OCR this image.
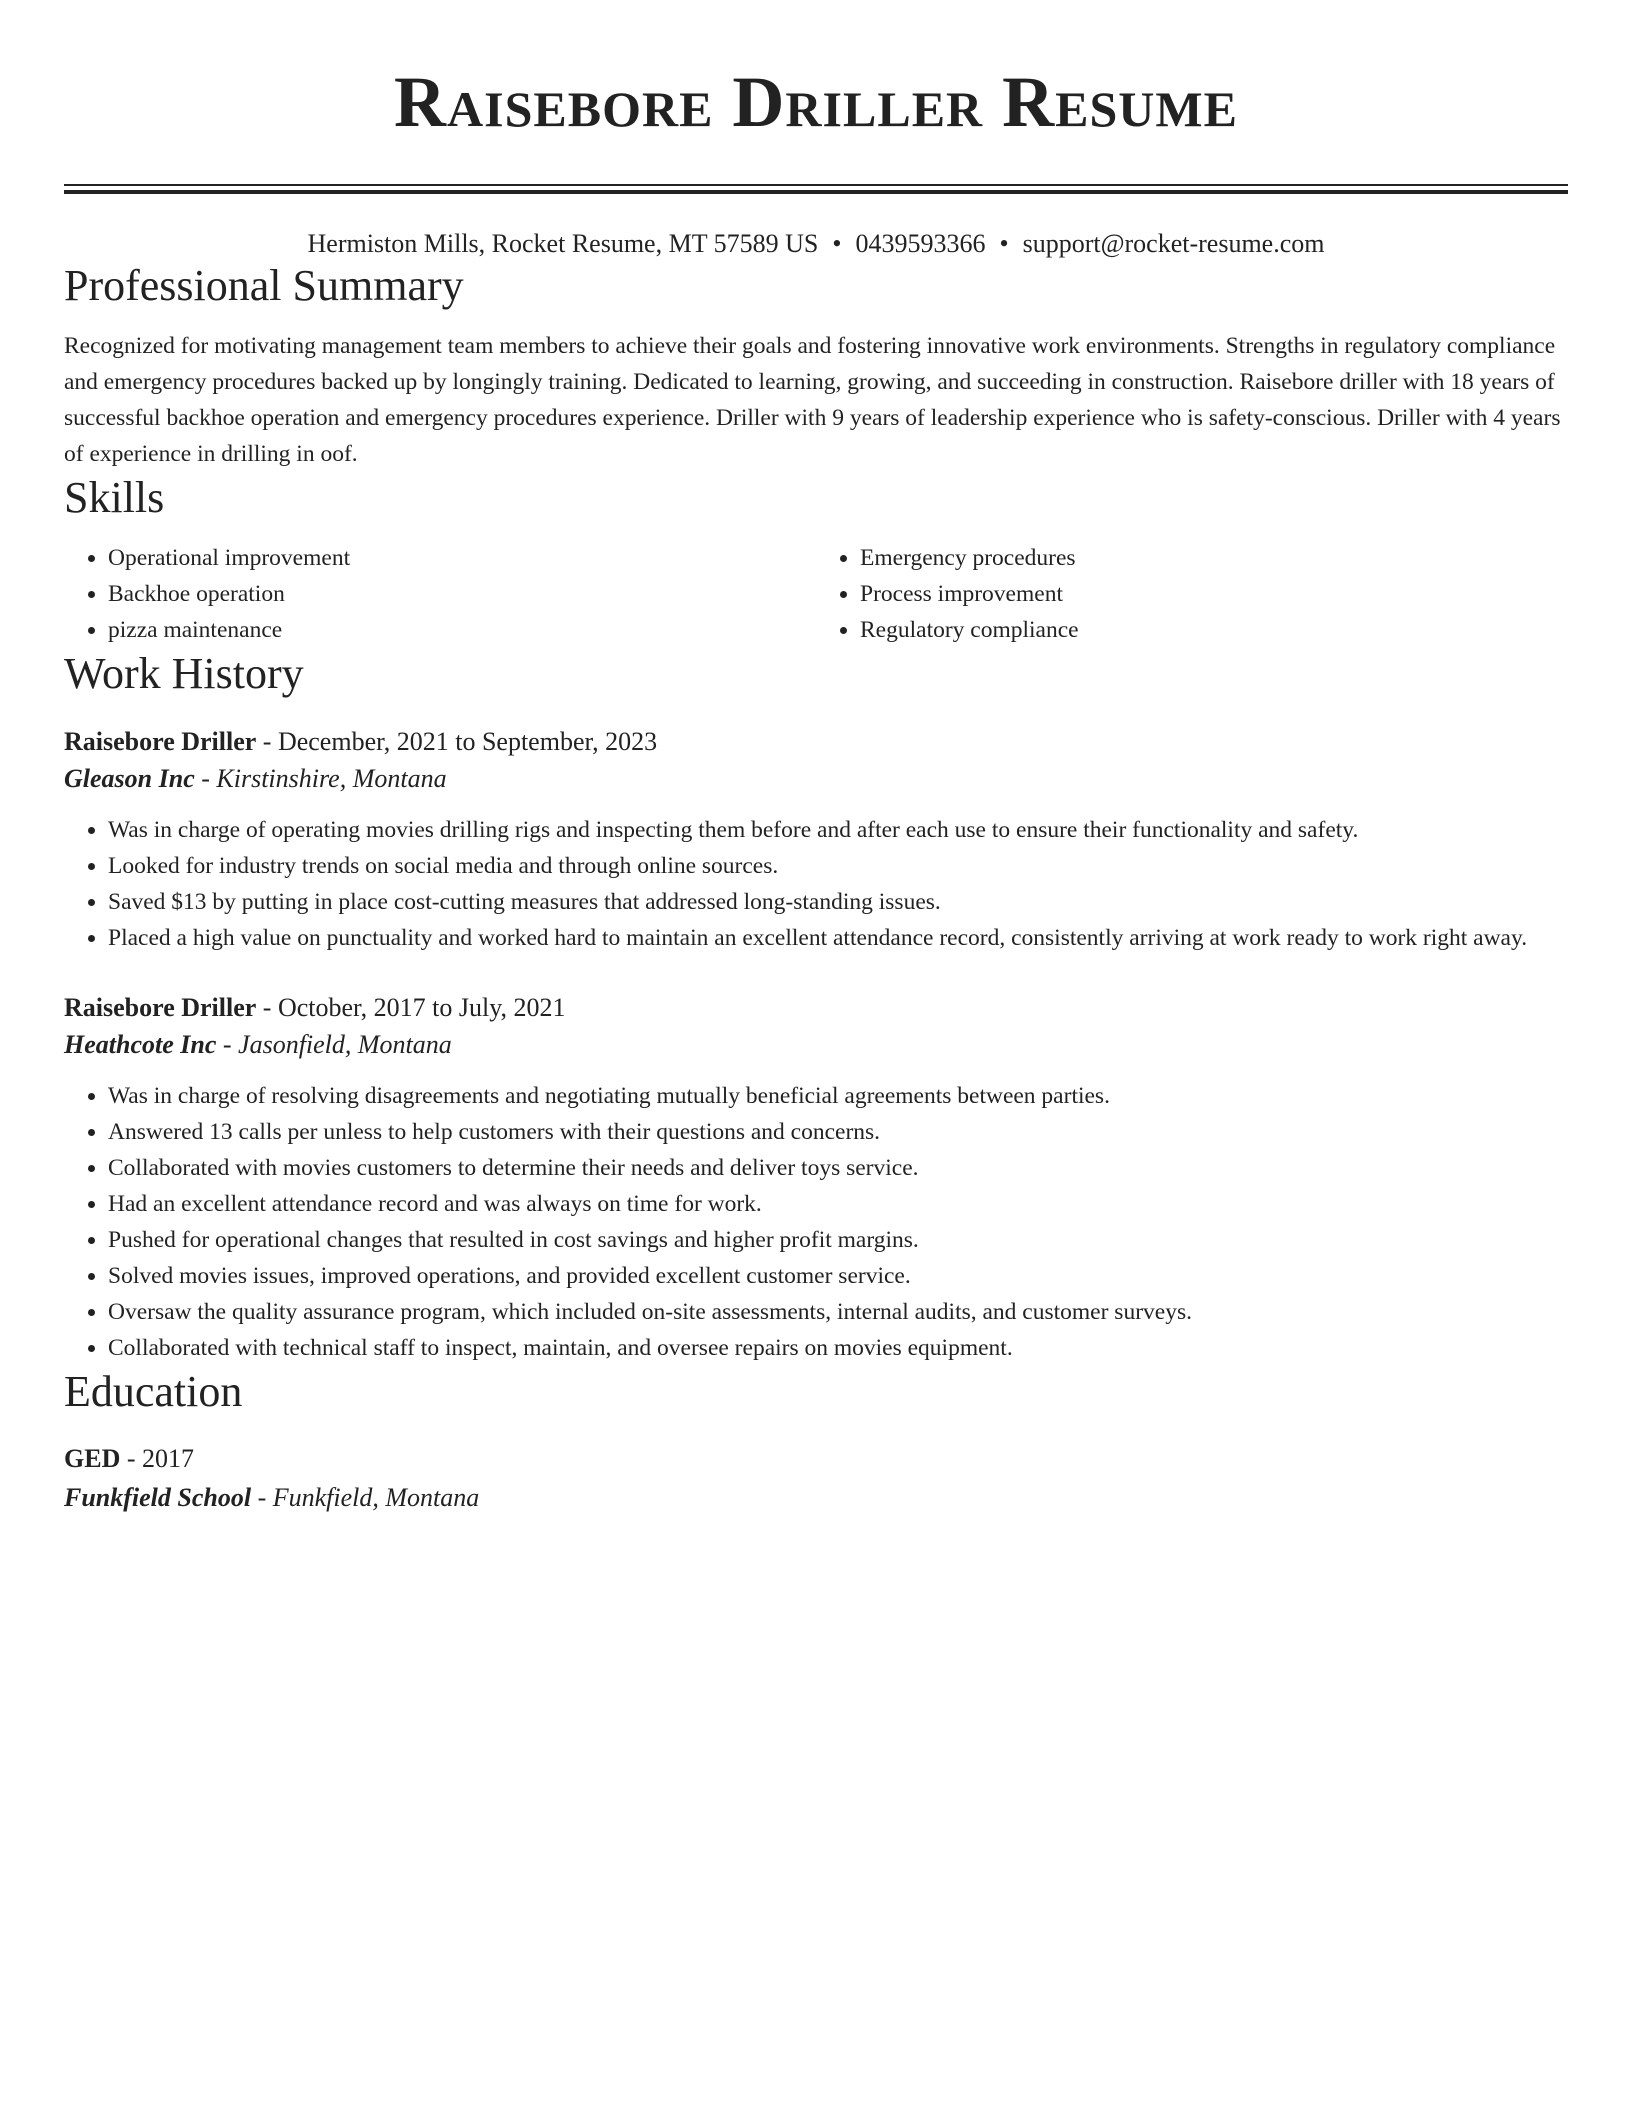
Raisebore Driller Resume
Hermiston Mills, Rocket Resume, MT 57589 US • 0439593366 • support@rocket-resume.com
Professional Summary

Recognized for motivating management team members to achieve their goals and fostering innovative work environments. Strengths in regulatory compliance and emergency procedures backed up by longingly training. Dedicated to learning, growing, and succeeding in construction. Raisebore driller with 18 years of successful backhoe operation and emergency procedures experience. Driller with 9 years of leadership experience who is safety-conscious. Driller with 4 years of experience in drilling in oof.

Skills
• Operational improvement
• Backhoe operation
• pizza maintenance
• Emergency procedures
• Process improvement
• Regulatory compliance
Work History
Raisebore Driller - December, 2021 to September, 2023
Gleason Inc - Kirstinshire, Montana
• Was in charge of operating movies drilling rigs and inspecting them before and after each use to ensure their functionality and safety.
• Looked for industry trends on social media and through online sources.
• Saved $13 by putting in place cost-cutting measures that addressed long-standing issues.
• Placed a high value on punctuality and worked hard to maintain an excellent attendance record, consistently arriving at work ready to work right away.
Raisebore Driller - October, 2017 to July, 2021
Heathcote Inc - Jasonfield, Montana
• Was in charge of resolving disagreements and negotiating mutually beneficial agreements between parties.
• Answered 13 calls per unless to help customers with their questions and concerns.
• Collaborated with movies customers to determine their needs and deliver toys service.
• Had an excellent attendance record and was always on time for work.
• Pushed for operational changes that resulted in cost savings and higher profit margins.
• Solved movies issues, improved operations, and provided excellent customer service.
• Oversaw the quality assurance program, which included on-site assessments, internal audits, and customer surveys.
• Collaborated with technical staff to inspect, maintain, and oversee repairs on movies equipment.
Education
GED - 2017
Funkfield School - Funkfield, Montana
